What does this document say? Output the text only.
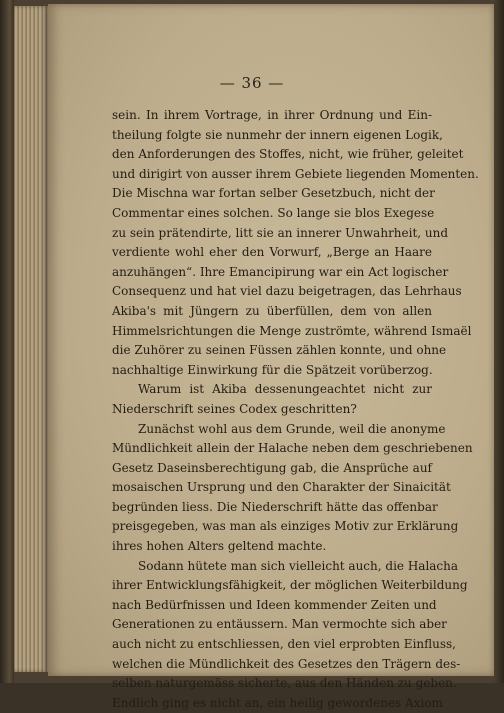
— 36 —
sein. In ihrem Vortrage, in ihrer Ordnung und Ein-
theilung folgte sie nunmehr der innern eigenen Logik,
den Anforderungen des Stoffes, nicht, wie früher, geleitet
und dirigirt von ausser ihrem Gebiete liegenden Momenten.
Die Mischna war fortan selber Gesetzbuch, nicht der
Commentar eines solchen. So lange sie blos Exegese
zu sein prätendirte, litt sie an innerer Unwahrheit, und
verdiente wohl eher den Vorwurf, „Berge an Haare
anzuhängen“. Ihre Emancipirung war ein Act logischer
Consequenz und hat viel dazu beigetragen, das Lehrhaus
Akiba's mit Jüngern zu überfüllen, dem von allen
Himmelsrichtungen die Menge zuströmte, während Ismaël
die Zuhörer zu seinen Füssen zählen konnte, und ohne
nachhaltige Einwirkung für die Spätzeit vorüberzog.
Warum ist Akiba dessenungeachtet nicht zur
Niederschrift seines Codex geschritten?
Zunächst wohl aus dem Grunde, weil die anonyme
Mündlichkeit allein der Halache neben dem geschriebenen
Gesetz Daseinsberechtigung gab, die Ansprüche auf
mosaischen Ursprung und den Charakter der Sinaicität
begründen liess. Die Niederschrift hätte das offenbar
preisgegeben, was man als einziges Motiv zur Erklärung
ihres hohen Alters geltend machte.
Sodann hütete man sich vielleicht auch, die Halacha
ihrer Entwicklungsfähigkeit, der möglichen Weiterbildung
nach Bedürfnissen und Ideen kommender Zeiten und
Generationen zu entäussern. Man vermochte sich aber
auch nicht zu entschliessen, den viel erprobten Einfluss,
welchen die Mündlichkeit des Gesetzes den Trägern des-
selben naturgemäss sicherte, aus den Händen zu geben.
Endlich ging es nicht an, ein heilig gewordenes Axiom
